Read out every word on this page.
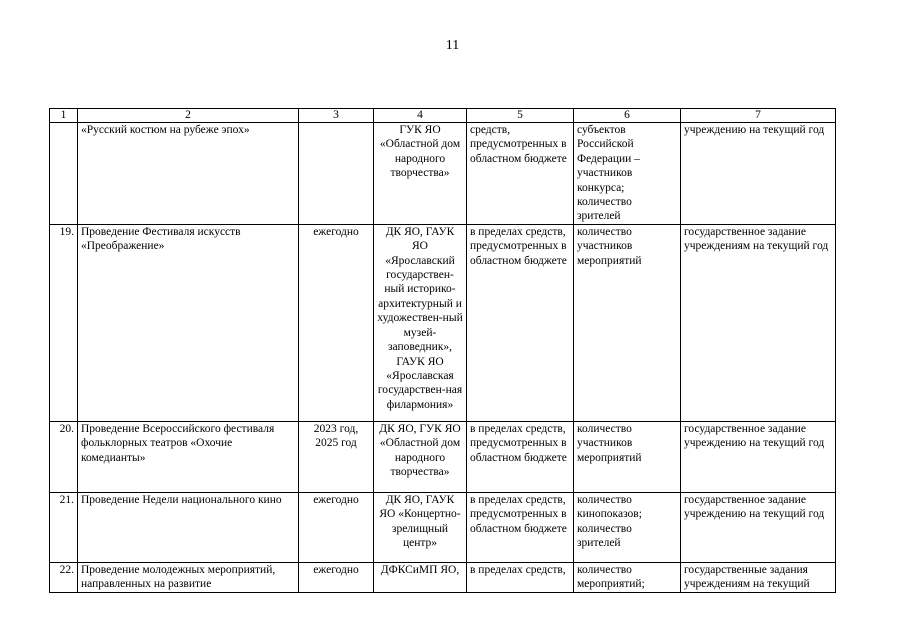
11
1	2	3	4	5	6	7
	«Русский костюм на рубеже эпох»		ГУК ЯО «Областной дом народного творчества»	средств, предусмотренных в областном бюджете	субъектов Российской Федерации – участников конкурса; количество зрителей	учреждению на текущий год
19.	Проведение Фестиваля искусств «Преображение»	ежегодно	ДК ЯО, ГАУК ЯО «Ярославский государствен-ный историко-архитектурный и художествен-ный музей-заповедник», ГАУК ЯО «Ярославская государствен-ная филармония»	в пределах средств, предусмотренных в областном бюджете	количество участников мероприятий	государственное задание учреждениям на текущий год
20.	Проведение Всероссийского фестиваля фольклорных театров «Охочие комедианты»	2023 год, 2025 год	ДК ЯО, ГУК ЯО «Областной дом народного творчества»	в пределах средств, предусмотренных в областном бюджете	количество участников мероприятий	государственное задание учреждению на текущий год
21.	Проведение Недели национального кино	ежегодно	ДК ЯО, ГАУК ЯО «Концертно-зрелищный центр»	в пределах средств, предусмотренных в областном бюджете	количество кинопоказов; количество зрителей	государственное задание учреждению на текущий год
22.	Проведение молодежных мероприятий, направленных на развитие	ежегодно	ДФКСиМП ЯО,	в пределах средств,	количество мероприятий;	государственные задания учреждениям на текущий
